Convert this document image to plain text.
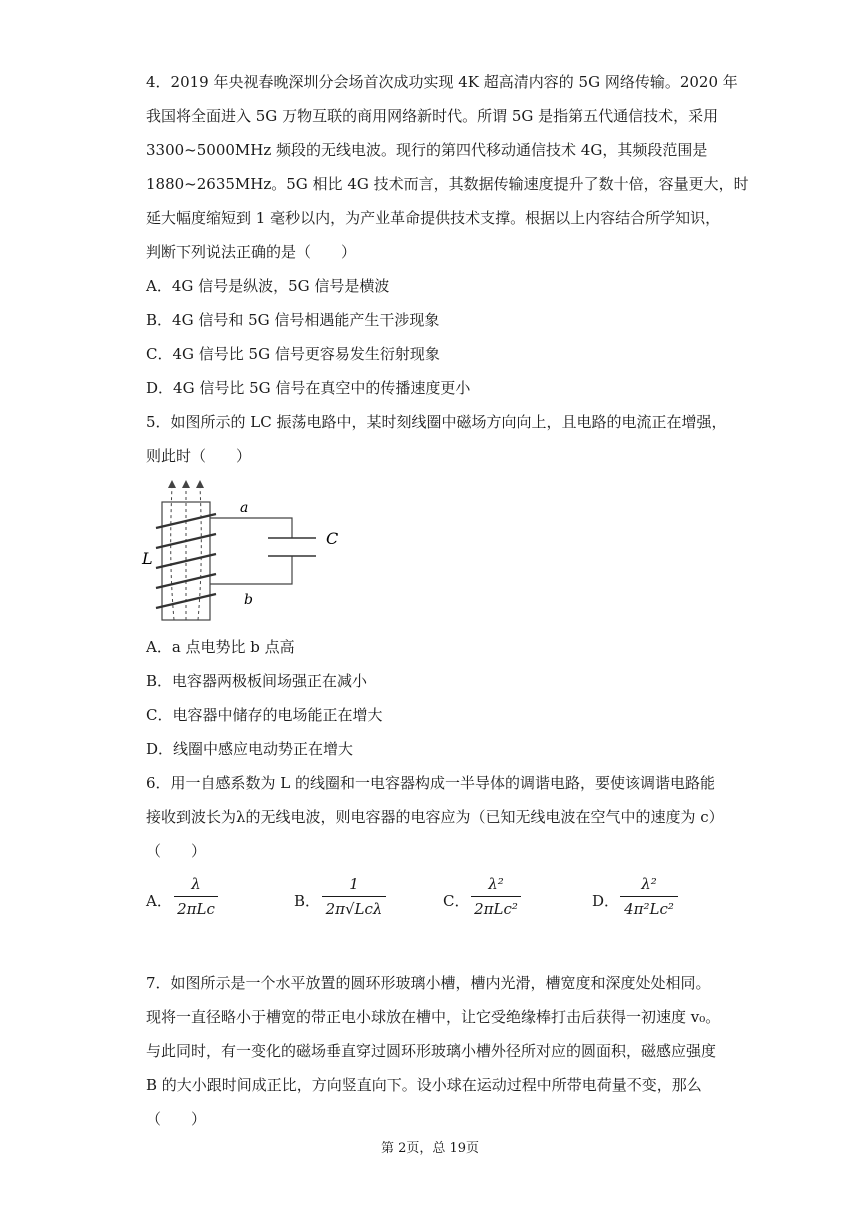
4．2019 年央视春晚深圳分会场首次成功实现 4K 超高清内容的 5G 网络传输。2020 年
我国将全面进入 5G 万物互联的商用网络新时代。所谓 5G 是指第五代通信技术，采用
3300~5000MHz 频段的无线电波。现行的第四代移动通信技术 4G，其频段范围是
1880~2635MHz。5G 相比 4G 技术而言，其数据传输速度提升了数十倍，容量更大，时
延大幅度缩短到 1 毫秒以内，为产业革命提供技术支撑。根据以上内容结合所学知识，
判断下列说法正确的是（　　）
A．4G 信号是纵波，5G 信号是横波
B．4G 信号和 5G 信号相遇能产生干涉现象
C．4G 信号比 5G 信号更容易发生衍射现象
D．4G 信号比 5G 信号在真空中的传播速度更小
5．如图所示的 LC 振荡电路中，某时刻线圈中磁场方向向上，且电路的电流正在增强，
则此时（　　）
a
b
C
L
A．a 点电势比 b 点高
B．电容器两极板间场强正在减小
C．电容器中储存的电场能正在增大
D．线圈中感应电动势正在增大
6．用一自感系数为 L 的线圈和一电容器构成一半导体的调谐电路，要使该调谐电路能
接收到波长为λ的无线电波，则电容器的电容应为（已知无线电波在空气中的速度为 c）
（　　）
A．
λ
2πLc	B．
1
2π√Lcλ	C．
λ²
2πLc²	D．
λ²
4π²Lc²
7．如图所示是一个水平放置的圆环形玻璃小槽，槽内光滑，槽宽度和深度处处相同。
现将一直径略小于槽宽的带正电小球放在槽中，让它受绝缘棒打击后获得一初速度 v₀。
与此同时，有一变化的磁场垂直穿过圆环形玻璃小槽外径所对应的圆面积，磁感应强度
B 的大小跟时间成正比，方向竖直向下。设小球在运动过程中所带电荷量不变，那么
（　　）
第 2页，总 19页
